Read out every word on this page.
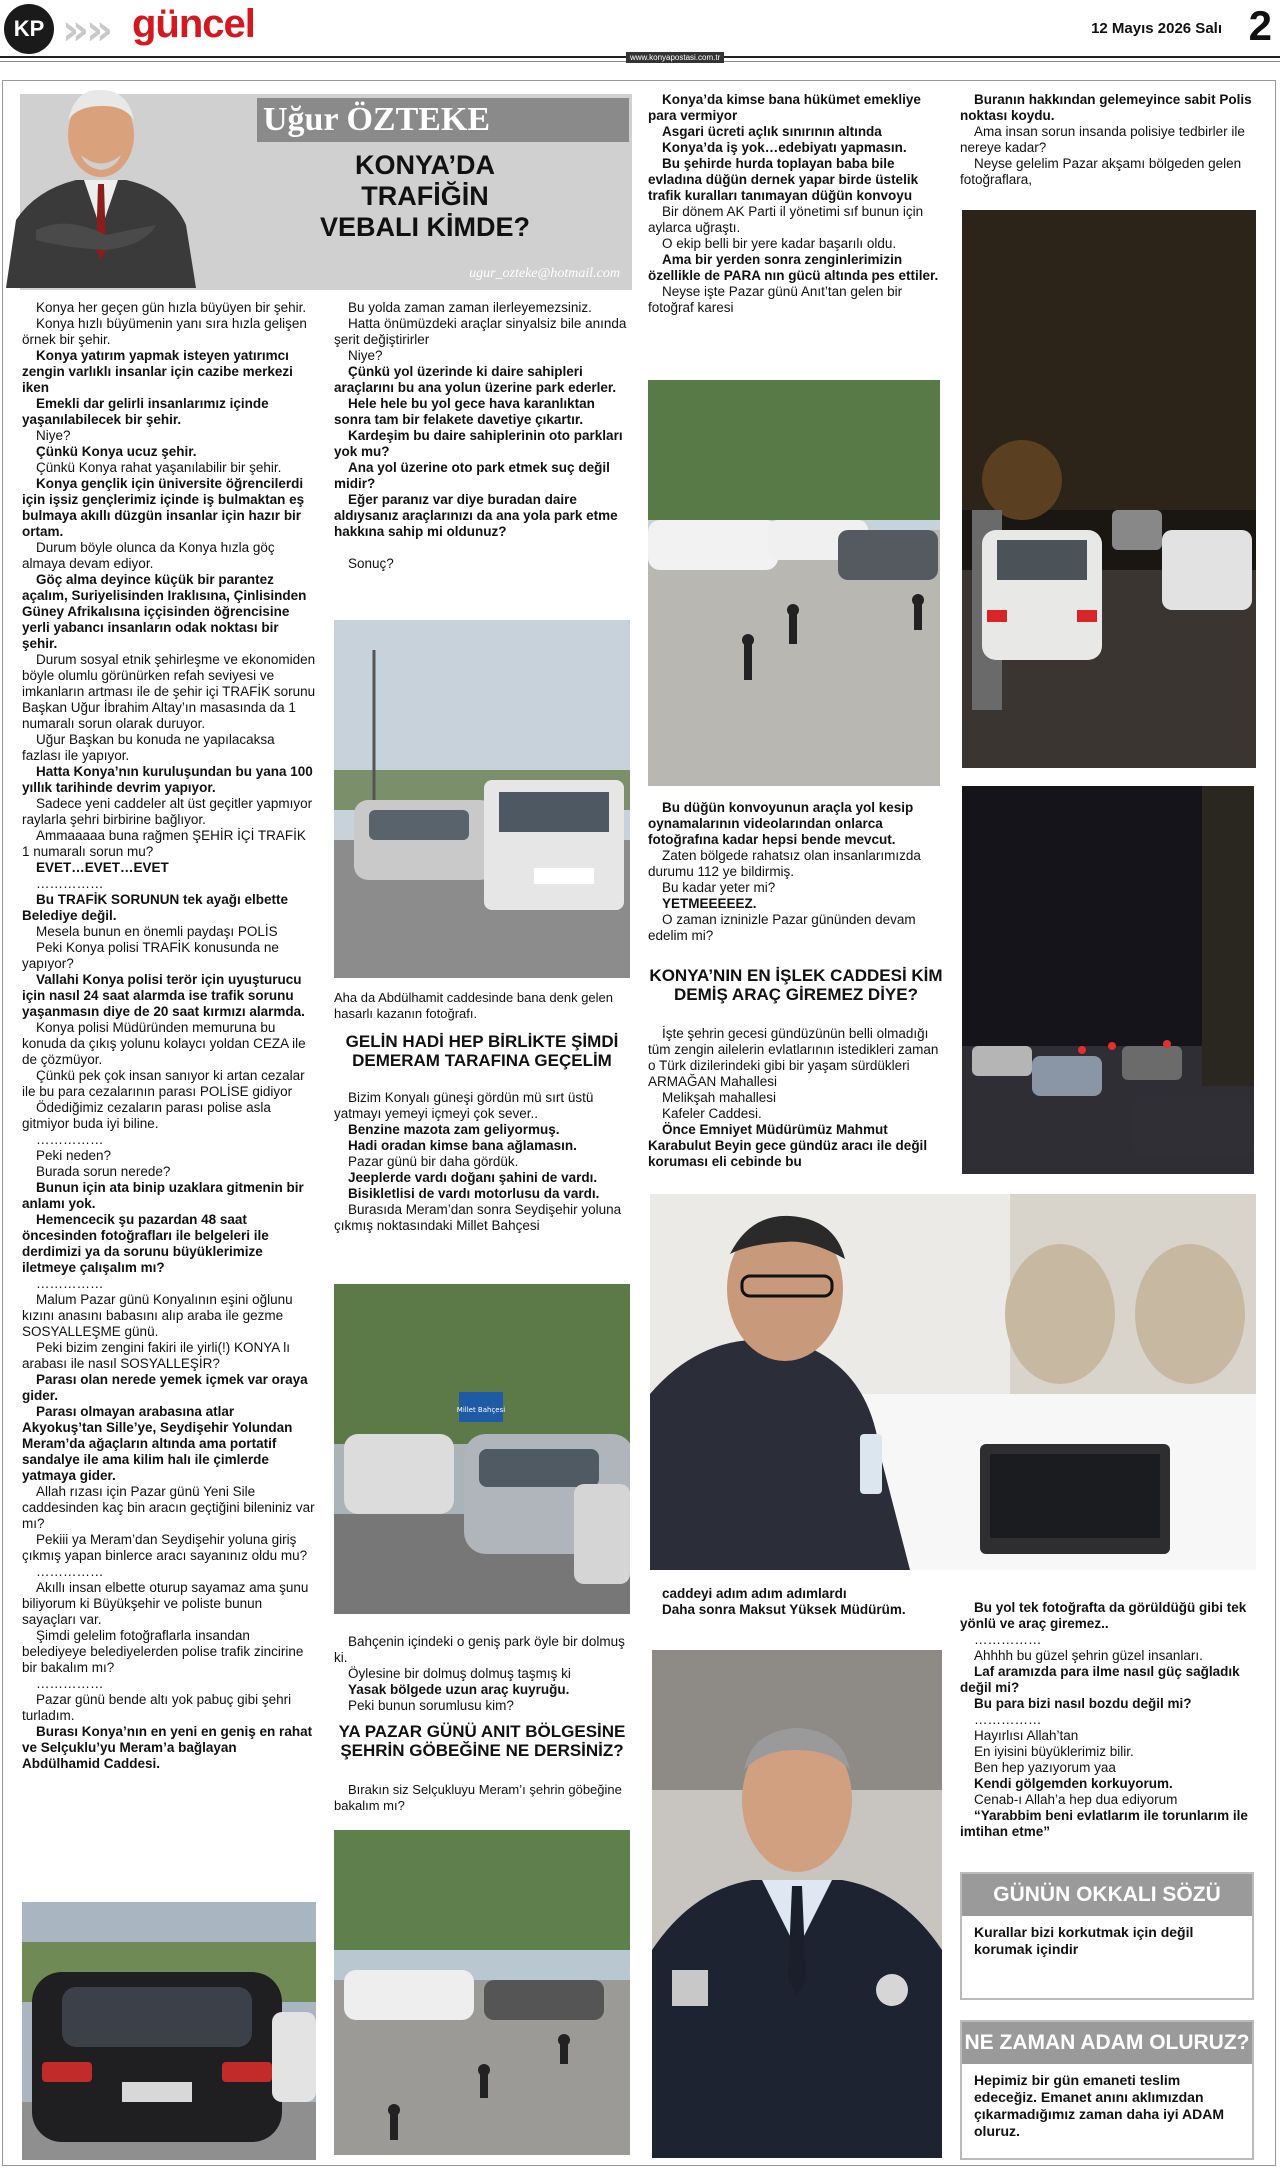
KP »
» güncel	12 Mayıs 2026 Salı 2
www.konyapostasi.com.tr
Uğur ÖZTEKE
KONYA’DA
TRAFİĞİN
VEBALI KİMDE?
ugur_ozteke@hotmail.com

Konya her geçen gün hızla büyüyen bir şehir.

Konya hızlı büyümenin yanı sıra hızla gelişen örnek bir şehir.

Konya yatırım yapmak isteyen yatırımcı zengin varlıklı insanlar için cazibe merkezi iken

Emekli dar gelirli insanlarımız içinde yaşanılabilecek bir şehir.

Niye?

Çünkü Konya ucuz şehir.

Çünkü Konya rahat yaşanılabilir bir şehir.

Konya gençlik için üniversite öğrencilerdi için işsiz gençlerimiz içinde iş bulmaktan eş bulmaya akıllı düzgün insanlar için hazır bir ortam.

Durum böyle olunca da Konya hızla göç almaya devam ediyor.

Göç alma deyince küçük bir parantez açalım, Suriyelisinden Iraklısına, Çinlisinden Güney Afrikalısına iççisinden öğrencisine yerli yabancı insanların odak noktası bir şehir.

Durum sosyal etnik şehirleşme ve ekonomiden böyle olumlu görünürken refah seviyesi ve imkanların artması ile de şehir içi TRAFİK sorunu Başkan Uğur İbrahim Altay’ın masasında da 1 numaralı sorun olarak duruyor.

Uğur Başkan bu konuda ne yapılacaksa fazlası ile yapıyor.

Hatta Konya’nın kuruluşundan bu yana 100 yıllık tarihinde devrim yapıyor.

Sadece yeni caddeler alt üst geçitler yapmıyor raylarla şehri birbirine bağlıyor.

Ammaaaaa buna rağmen ŞEHİR İÇİ TRAFİK 1 numaralı sorun mu?

EVET…EVET…EVET

……………

Bu TRAFİK SORUNUN tek ayağı elbette Belediye değil.

Mesela bunun en önemli paydaşı POLİS

Peki Konya polisi TRAFİK konusunda ne yapıyor?

Vallahi Konya polisi terör için uyuşturucu için nasıl 24 saat alarmda ise trafik sorunu yaşanmasın diye de 20 saat kırmızı alarmda.

Konya polisi Müdüründen memuruna bu konuda da çıkış yolunu kolaycı yoldan CEZA ile de çözmüyor.

Çünkü pek çok insan sanıyor ki artan cezalar ile bu para cezalarının parası POLİSE gidiyor

Ödediğimiz cezaların parası polise asla gitmiyor buda iyi biline.

……………

Peki neden?

Burada sorun nerede?

Bunun için ata binip uzaklara gitmenin bir anlamı yok.

Hemencecik şu pazardan 48 saat öncesinden fotoğrafları ile belgeleri ile derdimizi ya da sorunu büyüklerimize iletmeye çalışalım mı?

……………

Malum Pazar günü Konyalının eşini oğlunu kızını anasını babasını alıp araba ile gezme SOSYALLEŞME günü.

Peki bizim zengini fakiri ile yirli(!) KONYA lı arabası ile nasıl SOSYALLEŞİR?

Parası olan nerede yemek içmek var oraya gider.

Parası olmayan arabasına atlar Akyokuş’tan Sille’ye, Seydişehir Yolundan Meram’da ağaçların altında ama portatif sandalye ile ama kilim halı ile çimlerde yatmaya gider.

Allah rızası için Pazar günü Yeni Sile caddesinden kaç bin aracın geçtiğini bileniniz var mı?

Pekiii ya Meram’dan Seydişehir yoluna giriş çıkmış yapan binlerce aracı sayanınız oldu mu?

……………

Akıllı insan elbette oturup sayamaz ama şunu biliyorum ki Büyükşehir ve poliste bunun sayaçları var.

Şimdi gelelim fotoğraflarla insandan belediyeye belediyelerden polise trafik zincirine bir bakalım mı?

……………

Pazar günü bende altı yok pabuç gibi şehri turladım.

Burası Konya’nın en yeni en geniş en rahat ve Selçuklu’yu Meram’a bağlayan Abdülhamid Caddesi.

Bu yolda zaman zaman ilerleyemezsiniz.

Hatta önümüzdeki araçlar sinyalsiz bile anında şerit değiştirirler

Niye?

Çünkü yol üzerinde ki daire sahipleri araçlarını bu ana yolun üzerine park ederler.

Hele hele bu yol gece hava karanlıktan sonra tam bir felakete davetiye çıkartır.

Kardeşim bu daire sahiplerinin oto parkları yok mu?

Ana yol üzerine oto park etmek suç değil midir?

Eğer paranız var diye buradan daire aldıysanız araçlarınızı da ana yola park etme hakkına sahip mi oldunuz?

Sonuç?

Aha da Abdülhamit caddesinde bana denk gelen hasarlı kazanın fotoğrafı.
GELİN HADİ HEP BİRLİKTE ŞİMDİ DEMERAM TARAFINA GEÇELİM

Bizim Konyalı güneşi gördün mü sırt üstü yatmayı yemeyi içmeyi çok sever..

Benzine mazota zam geliyormuş.

Hadi oradan kimse bana ağlamasın.

Pazar günü bir daha gördük.

Jeeplerde vardı doğanı şahini de vardı.

Bisikletlisi de vardı motorlusu da vardı.

Burasıda Meram’dan sonra Seydişehir yoluna çıkmış noktasındaki Millet Bahçesi

Millet Bahçesi

Bahçenin içindeki o geniş park öyle bir dolmuş ki.

Öylesine bir dolmuş dolmuş taşmış ki

Yasak bölgede uzun araç kuyruğu.

Peki bunun sorumlusu kim?

YA PAZAR GÜNÜ ANIT BÖLGESİNE ŞEHRİN GÖBEĞİNE NE DERSİNİZ?
Bırakın siz Selçukluyu Meram’ı şehrin göbeğine bakalım mı?

Konya’da kimse bana hükümet emekliye para vermiyor

Asgari ücreti açlık sınırının altında

Konya’da iş yok…edebiyatı yapmasın.

Bu şehirde hurda toplayan baba bile evladına düğün dernek yapar birde üstelik trafik kuralları tanımayan düğün konvoyu

Bir dönem AK Parti il yönetimi sıf bunun için aylarca uğraştı.

O ekip belli bir yere kadar başarılı oldu.

Ama bir yerden sonra zenginlerimizin özellikle de PARA nın gücü altında pes ettiler.

Neyse işte Pazar günü Anıt’tan gelen bir fotoğraf karesi

Bu düğün konvoyunun araçla yol kesip oynamalarının videolarından onlarca fotoğrafına kadar hepsi bende mevcut.

Zaten bölgede rahatsız olan insanlarımızda durumu 112 ye bildirmiş.

Bu kadar yeter mi?

YETMEEEEEZ.

O zaman izninizle Pazar gününden devam edelim mi?

KONYA’NIN EN İŞLEK CADDESİ KİM DEMİŞ ARAÇ GİREMEZ DİYE?

İşte şehrin gecesi gündüzünün belli olmadığı tüm zengin ailelerin evlatlarının istedikleri zaman o Türk dizilerindeki gibi bir yaşam sürdükleri ARMAĞAN Mahallesi

Melikşah mahallesi

Kafeler Caddesi.

Önce Emniyet Müdürümüz Mahmut Karabulut Beyin gece gündüz aracı ile değil koruması eli cebinde bu

caddeyi adım adım adımlardı

Daha sonra Maksut Yüksek Müdürüm.

Buranın hakkından gelemeyince sabit Polis noktası koydu.

Ama insan sorun insanda polisiye tedbirler ile nereye kadar?

Neyse gelelim Pazar akşamı bölgeden gelen fotoğraflara,

Bu yol tek fotoğrafta da görüldüğü gibi tek yönlü ve araç giremez..

……………

Ahhhh bu güzel şehrin güzel insanları.

Laf aramızda para ilme nasıl güç sağladık değil mi?

Bu para bizi nasıl bozdu değil mi?

……………

Hayırlısı Allah’tan

En iyisini büyüklerimiz bilir.

Ben hep yazıyorum yaa

Kendi gölgemden korkuyorum.

Cenab-ı Allah’a hep dua ediyorum

“Yarabbim beni evlatlarım ile torunlarım ile imtihan etme”

GÜNÜN OKKALI SÖZÜ
Kurallar bizi korkutmak için değil korumak içindir
NE ZAMAN ADAM OLURUZ?
Hepimiz bir gün emaneti teslim edeceğiz. Emanet anını aklımızdan çıkarmadığımız zaman daha iyi ADAM oluruz.
